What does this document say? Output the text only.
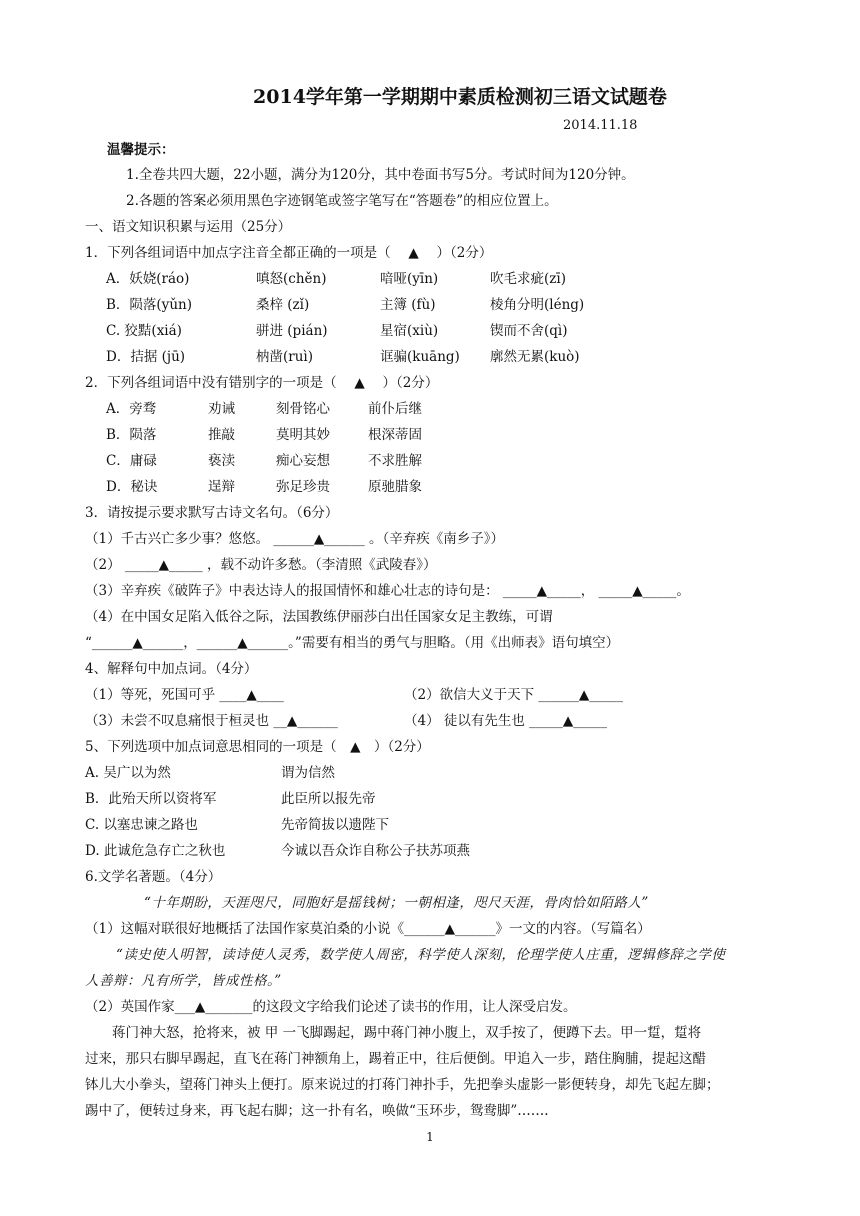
2014学年第一学期期中素质检测初三语文试题卷
2014.11.18
温馨提示：
1.全卷共四大题，22小题，满分为120分，其中卷面书写5分。考试时间为120分钟。
2.各题的答案必须用黑色字迹钢笔或签字笔写在“答题卷”的相应位置上。
一、语文知识积累与运用（25分）
1．下列各组词语中加点字注音全都正确的一项是（　 ▲　 ）（2分）
A．妖娆(ráo)	嗔怒(chěn)	喑哑(yīn)	吹毛求疵(zī)
B．陨落(yǔn)	桑梓 (zǐ)	主簿 (fù)	棱角分明(léng)
C. 狡黠(xiá)	骈进 (pián)	星宿(xiù)	锲而不舍(qì)
D．拮据 (jū)	枘凿(ruì)	诓骗(kuāng) 廓然无累(kuò)
2．下列各组词语中没有错别字的一项是（　 ▲　 ）（2分）
A．旁骛	劝诫	刻骨铭心	前仆后继
B．陨落	推敲	莫明其妙	根深蒂固
C．庸碌	亵渎	痴心妄想	不求胜解
D．秘诀	逞辩	弥足珍贵	原驰腊象
3．请按提示要求默写古诗文名句。（6分）
（1）千古兴亡多少事？悠悠。 ______▲______ 。（辛弃疾《南乡子》）
（2） _____▲_____ ，载不动许多愁。（李清照《武陵春》）
（3）辛弃疾《破阵子》中表达诗人的报国情怀和雄心壮志的诗句是： _____▲_____， _____▲_____。
（4）在中国女足陷入低谷之际，法国教练伊丽莎白出任国家女足主教练，可谓
“______▲______，______▲______。”需要有相当的勇气与胆略。（用《出师表》语句填空）
4、解释句中加点词。（4分）
（1）等死，死国可乎 ____▲____	（2）欲信大义于天下 ______▲_____
（3）未尝不叹息痛恨于桓灵也 __▲______	（4） 徒以有先生也 _____▲_____
5、下列选项中加点词意思相同的一项是（　▲　）（2分）
A. 吴广以为然	谓为信然
B．此殆天所以资将军	此臣所以报先帝
C. 以塞忠谏之路也	先帝简拔以遗陛下
D. 此诚危急存亡之秋也	今诚以吾众诈自称公子扶苏项燕
6.文学名著题。（4分）
“十年期盼，天涯咫尺，同胞好是摇钱树；一朝相逢，咫尺天涯，骨肉恰如陌路人”
（1）这幅对联很好地概括了法国作家莫泊桑的小说《______▲______》一文的内容。（写篇名）
“读史使人明智，读诗使人灵秀，数学使人周密，科学使人深刻，伦理学使人庄重，逻辑修辞之学使
人善辩：凡有所学，皆成性格。”
（2）英国作家___▲_______的这段文字给我们论述了读书的作用，让人深受启发。
蒋门神大怒，抢将来，被 甲 一飞脚踢起，踢中蒋门神小腹上，双手按了，便蹲下去。甲一踅，踅将
过来，那只右脚早踢起，直飞在蒋门神额角上，踢着正中，往后便倒。甲追入一步，踏住胸脯，提起这醋
钵儿大小拳头，望蒋门神头上便打。原来说过的打蒋门神扑手，先把拳头虚影一影便转身，却先飞起左脚；
踢中了，便转过身来，再飞起右脚；这一扑有名，唤做“玉环步，鸳鸯脚”…….
1
